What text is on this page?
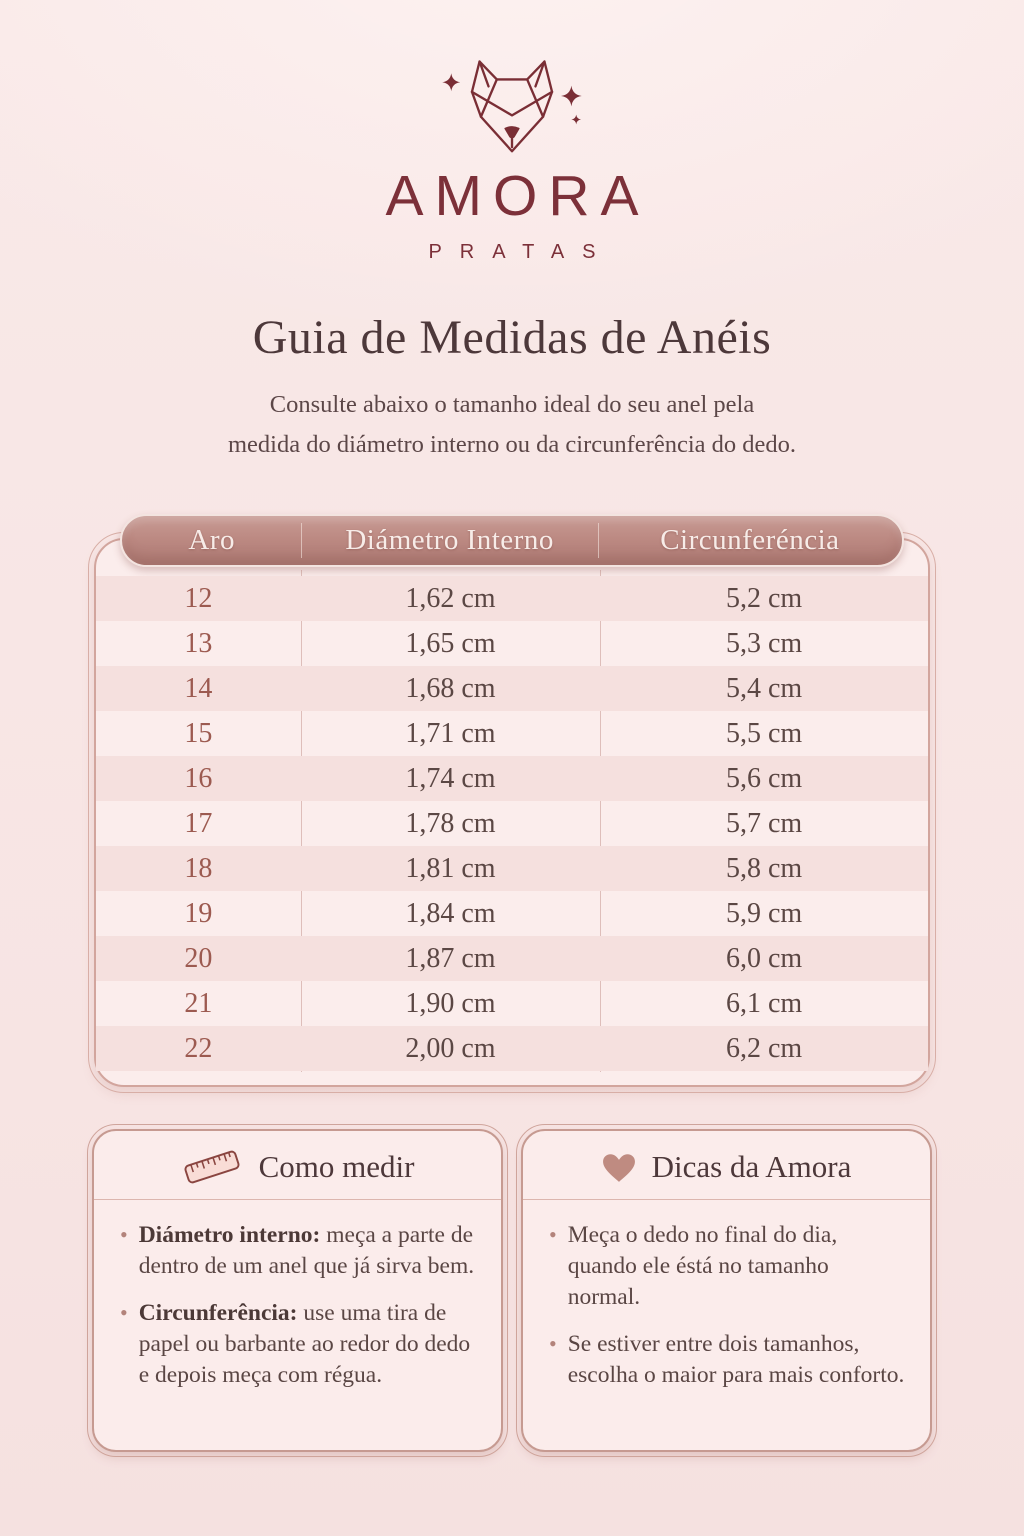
AMORA
PRATAS
Guia de Medidas de Anéis

Consulte abaixo o tamanho ideal do seu anel pela
medida do diámetro interno ou da circunferência do dedo.

Aro	Diámetro Interno	Circunferéncia
12	1,62 cm	5,2 cm
13	1,65 cm	5,3 cm
14	1,68 cm	5,4 cm
15	1,71 cm	5,5 cm
16	1,74 cm	5,6 cm
17	1,78 cm	5,7 cm
18	1,81 cm	5,8 cm
19	1,84 cm	5,9 cm
20	1,87 cm	6,0 cm
21	1,90 cm	6,1 cm
22	2,00 cm	6,2 cm
Como medir
• Diámetro interno: meça a parte de dentro de um anel que já sirva bem.
• Circunferência: use uma tira de papel ou barbante ao redor do dedo e depois meça com régua.
Dicas da Amora
• Meça o dedo no final do dia, quando ele éstá no tamanho normal.
• Se estiver entre dois tamanhos, escolha o maior para mais conforto.
